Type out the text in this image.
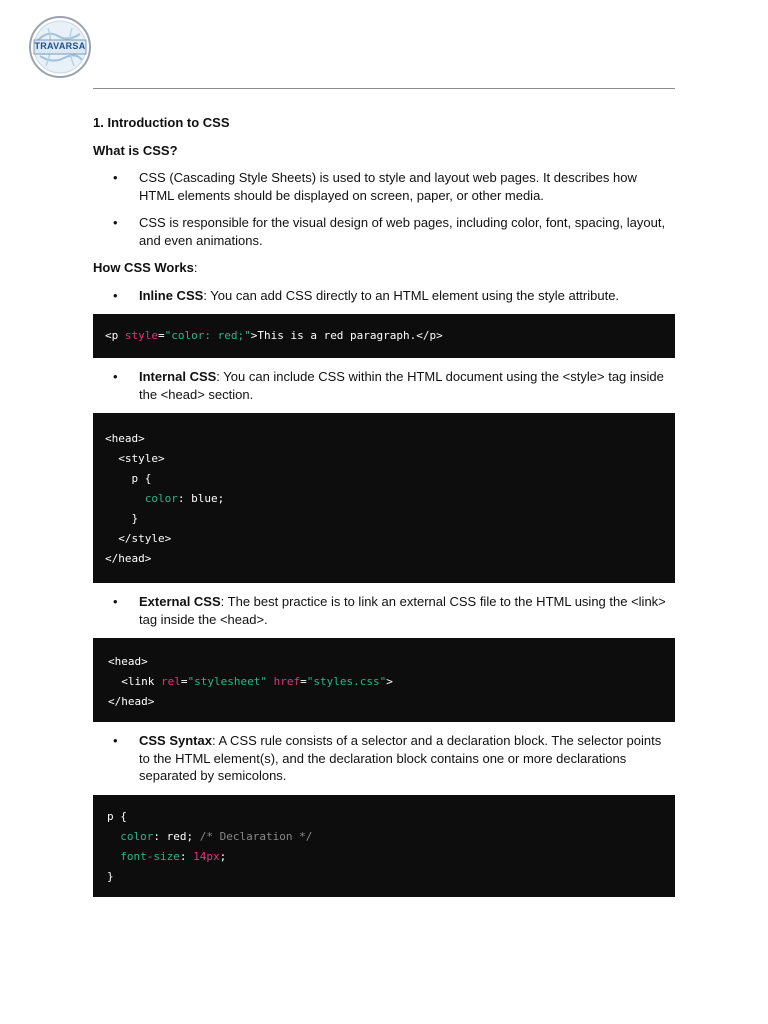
TRAVARSA

1. Introduction to CSS

What is CSS?

• CSS (Cascading Style Sheets) is used to style and layout web pages. It describes how HTML elements should be displayed on screen, paper, or other media.
• CSS is responsible for the visual design of web pages, including color, font, spacing, layout, and even animations.

How CSS Works:

• Inline CSS: You can add CSS directly to an HTML element using the style attribute.
<p style="color: red;">This is a red paragraph.</p>
• Internal CSS: You can include CSS within the HTML document using the <style> tag inside the <head> section.
<head>
<style>
p {
color: blue;
}
</style>
</head>
• External CSS: The best practice is to link an external CSS file to the HTML using the <link> tag inside the <head>.
<head>
<link rel="stylesheet" href="styles.css">
</head>
• CSS Syntax: A CSS rule consists of a selector and a declaration block. The selector points to the HTML element(s), and the declaration block contains one or more declarations separated by semicolons.
p {
color: red; /* Declaration */
font-size: 14px;
}
